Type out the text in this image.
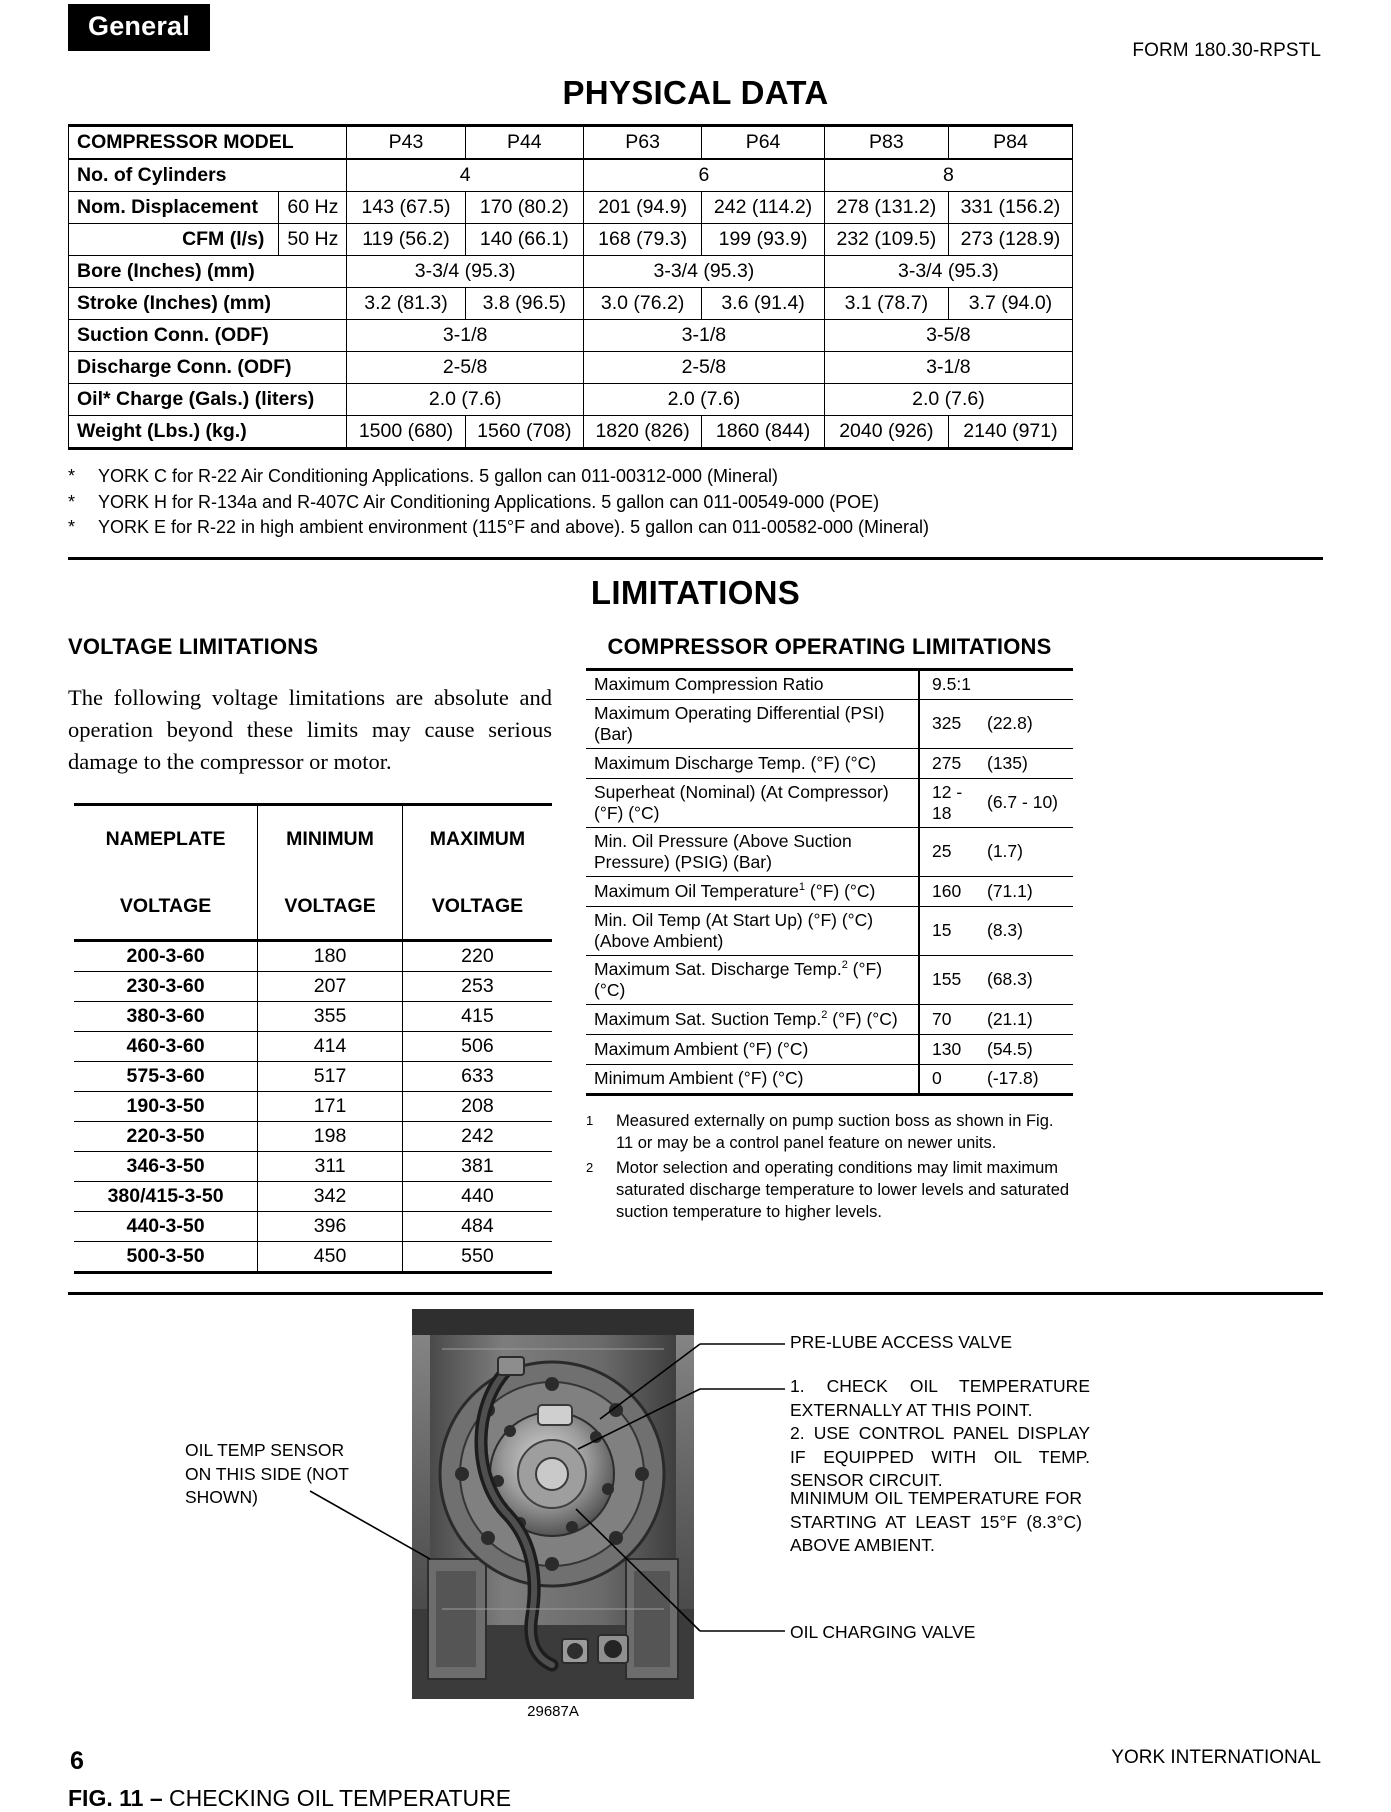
General
FORM 180.30-RPSTL
PHYSICAL DATA
COMPRESSOR MODEL		P43	P44	P63	P64	P83	P84
No. of Cylinders		4		6		8	
Nom. Displacement	60 Hz	143 (67.5)	170 (80.2)	201 (94.9)	242 (114.2)	278 (131.2)	331 (156.2)
CFM (l/s)	50 Hz	119 (56.2)	140 (66.1)	168 (79.3)	199 (93.9)	232 (109.5)	273 (128.9)
Bore (Inches) (mm)		3-3/4 (95.3)		3-3/4 (95.3)		3-3/4 (95.3)	
Stroke (Inches) (mm)		3.2 (81.3)	3.8 (96.5)	3.0 (76.2)	3.6 (91.4)	3.1 (78.7)	3.7 (94.0)
Suction Conn. (ODF)		3-1/8		3-1/8		3-5/8	
Discharge Conn. (ODF)		2-5/8		2-5/8		3-1/8	
Oil* Charge (Gals.) (liters)		2.0 (7.6)		2.0 (7.6)		2.0 (7.6)	
Weight (Lbs.) (kg.)		1500 (680)	1560 (708)	1820 (826)	1860 (844)	2040 (926)	2140 (971)
*	YORK C for R-22 Air Conditioning Applications. 5 gallon can 011-00312-000 (Mineral)
*	YORK H for R-134a and R-407C Air Conditioning Applications. 5 gallon can 011-00549-000 (POE)
*	YORK E for R-22 in high ambient environment (115°F and above). 5 gallon can 011-00582-000 (Mineral)
LIMITATIONS
VOLTAGE LIMITATIONS

The following voltage limitations are absolute and operation beyond these limits may cause serious damage to the compressor or motor.

NAMEPLATE	MINIMUM	MAXIMUM
VOLTAGE	VOLTAGE	VOLTAGE
200-3-60	180	220
230-3-60	207	253
380-3-60	355	415
460-3-60	414	506
575-3-60	517	633
190-3-50	171	208
220-3-50	198	242
346-3-50	311	381
380/415-3-50	342	440
440-3-50	396	484
500-3-50	450	550
COMPRESSOR OPERATING LIMITATIONS
Maximum Compression Ratio	9.5:1	
Maximum Operating Differential (PSI) (Bar)	325	(22.8)
Maximum Discharge Temp. (°F) (°C)	275	(135)
Superheat (Nominal) (At Compressor) (°F) (°C)	12 - 18	(6.7 - 10)
Min. Oil Pressure (Above Suction Pressure) (PSIG) (Bar)	25	(1.7)
Maximum Oil Temperature$^1$ (°F) (°C)	160	(71.1)
Min. Oil Temp (At Start Up) (°F) (°C) (Above Ambient)	15	(8.3)
Maximum Sat. Discharge Temp.$^2$ (°F) (°C)	155	(68.3)
Maximum Sat. Suction Temp.$^2$ (°F) (°C)	70	(21.1)
Maximum Ambient (°F) (°C)	130	(54.5)
Minimum Ambient (°F) (°C)	0	(-17.8)
1	Measured externally on pump suction boss as shown in Fig. 11 or may be a control panel feature on newer units.
2	Motor selection and operating conditions may limit maximum saturated discharge temperature to lower levels and saturated suction temperature to higher levels.
29687A
PRE-LUBE ACCESS VALVE
1. CHECK OIL TEMPERATURE EXTERNALLY AT THIS POINT.
2. USE CONTROL PANEL DISPLAY IF EQUIPPED WITH OIL TEMP. SENSOR CIRCUIT.
MINIMUM OIL TEMPERATURE FOR STARTING AT LEAST 15°F (8.3°C) ABOVE AMBIENT.
OIL CHARGING VALVE
OIL TEMP SENSOR ON THIS SIDE (NOT SHOWN)
FIG. 11 – CHECKING OIL TEMPERATURE
6	YORK INTERNATIONAL
